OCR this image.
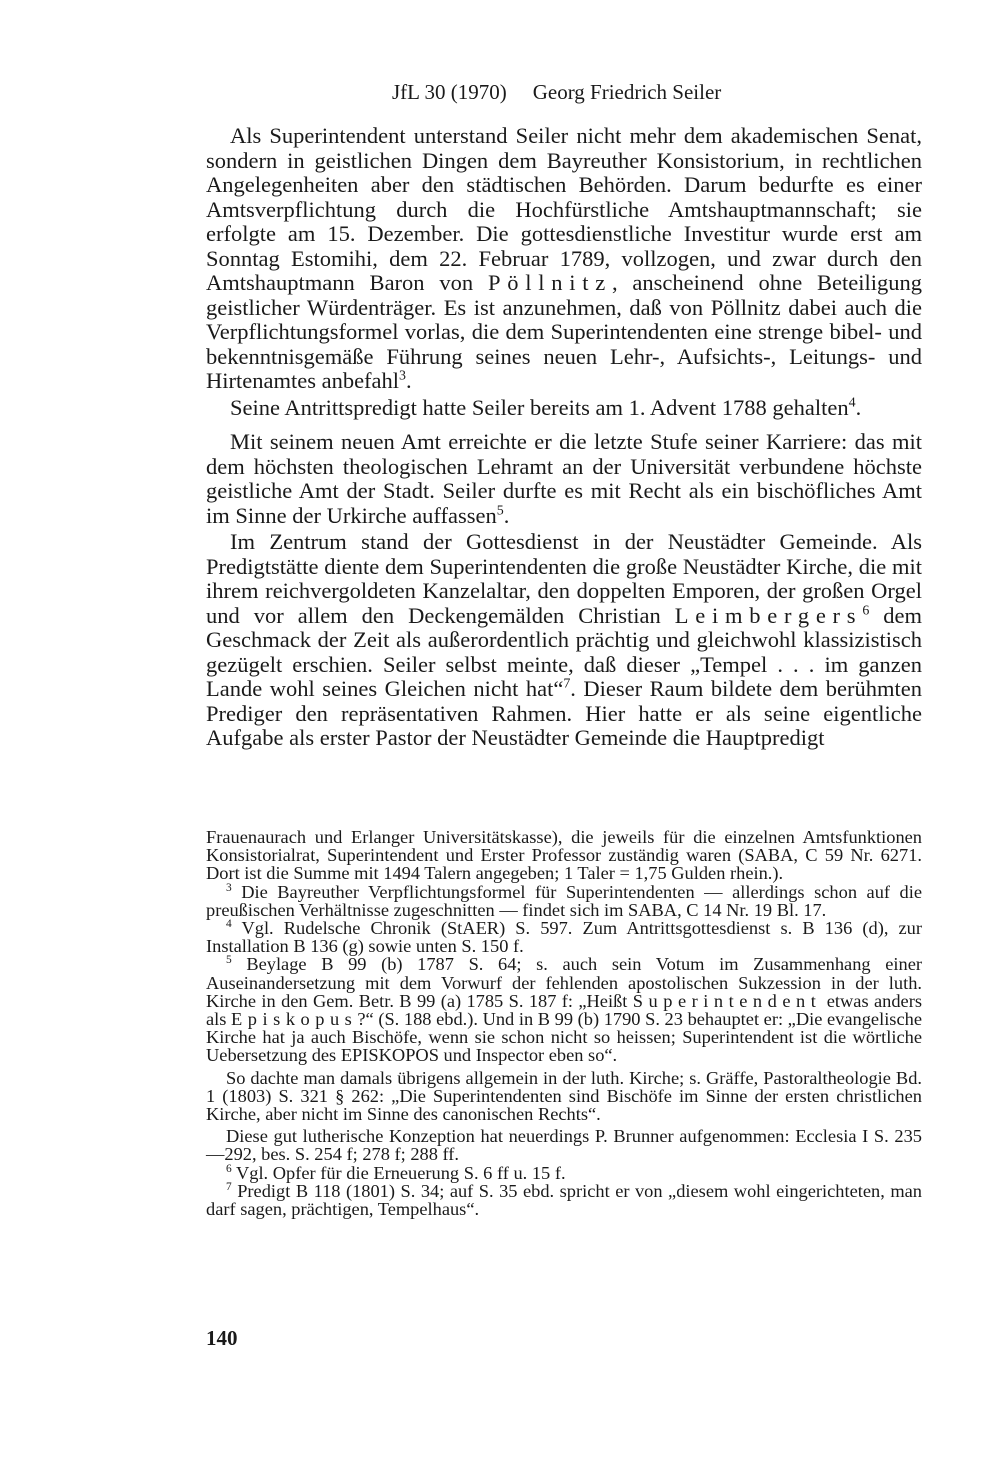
JfL 30 (1970) Georg Friedrich Seiler

Als Superintendent unterstand Seiler nicht mehr dem akademischen Senat, sondern in geistlichen Dingen dem Bayreuther Konsistorium, in rechtlichen Angelegenheiten aber den städtischen Behörden. Darum bedurfte es einer Amtsverpflichtung durch die Hochfürstliche Amtshauptmannschaft; sie erfolgte am 15. Dezember. Die gottesdienstliche Investitur wurde erst am Sonntag Estomihi, dem 22. Februar 1789, vollzogen, und zwar durch den Amtshauptmann Baron von Pöllnitz, anscheinend ohne Beteiligung geistlicher Würdenträger. Es ist anzunehmen, daß von Pöllnitz dabei auch die Verpflichtungsformel vorlas, die dem Superintendenten eine strenge bibel- und bekenntnisgemäße Führung seines neuen Lehr-, Aufsichts-, Leitungs- und Hirtenamtes anbefahl$^3$.

Seine Antrittspredigt hatte Seiler bereits am 1. Advent 1788 gehalten$^4$.

Mit seinem neuen Amt erreichte er die letzte Stufe seiner Karriere: das mit dem höchsten theologischen Lehramt an der Universität verbundene höchste geistliche Amt der Stadt. Seiler durfte es mit Recht als ein bischöfliches Amt im Sinne der Urkirche auffassen$^5$.

Im Zentrum stand der Gottesdienst in der Neustädter Gemeinde. Als Predigtstätte diente dem Superintendenten die große Neustädter Kirche, die mit ihrem reichvergoldeten Kanzelaltar, den doppelten Emporen, der großen Orgel und vor allem den Deckengemälden Christian Leimbergers$^6$ dem Geschmack der Zeit als außerordentlich prächtig und gleichwohl klassizistisch gezügelt erschien. Seiler selbst meinte, daß dieser „Tempel . . . im ganzen Lande wohl seines Gleichen nicht hat“$^7$. Dieser Raum bildete dem berühmten Prediger den repräsentativen Rahmen. Hier hatte er als seine eigentliche Aufgabe als erster Pastor der Neustädter Gemeinde die Hauptpredigt

Frauenaurach und Erlanger Universitätskasse), die jeweils für die einzelnen Amtsfunktionen Konsistorialrat, Superintendent und Erster Professor zuständig waren (SABA, C 59 Nr. 6271. Dort ist die Summe mit 1494 Talern angegeben; 1 Taler = 1,75 Gulden rhein.).

$^3$ Die Bayreuther Verpflichtungsformel für Superintendenten — allerdings schon auf die preußischen Verhältnisse zugeschnitten — findet sich im SABA, C 14 Nr. 19 Bl. 17.

$^4$ Vgl. Rudelsche Chronik (StAER) S. 597. Zum Antrittsgottesdienst s. B 136 (d), zur Installation B 136 (g) sowie unten S. 150 f.

$^5$ Beylage B 99 (b) 1787 S. 64; s. auch sein Votum im Zusammenhang einer Auseinandersetzung mit dem Vorwurf der fehlenden apostolischen Sukzession in der luth. Kirche in den Gem. Betr. B 99 (a) 1785 S. 187 f: „Heißt Superintendent etwas anders als Episkopus?“ (S. 188 ebd.). Und in B 99 (b) 1790 S. 23 behauptet er: „Die evangelische Kirche hat ja auch Bischöfe, wenn sie schon nicht so heissen; Superintendent ist die wörtliche Uebersetzung des EPISKOPOS und Inspector eben so“.

So dachte man damals übrigens allgemein in der luth. Kirche; s. Gräffe, Pastoraltheologie Bd. 1 (1803) S. 321 § 262: „Die Superintendenten sind Bischöfe im Sinne der ersten christlichen Kirche, aber nicht im Sinne des canonischen Rechts“.

Diese gut lutherische Konzeption hat neuerdings P. Brunner aufgenommen: Ecclesia I S. 235—292, bes. S. 254 f; 278 f; 288 ff.

$^6$ Vgl. Opfer für die Erneuerung S. 6 ff u. 15 f.

$^7$ Predigt B 118 (1801) S. 34; auf S. 35 ebd. spricht er von „diesem wohl eingerichteten, man darf sagen, prächtigen, Tempelhaus“.

140
